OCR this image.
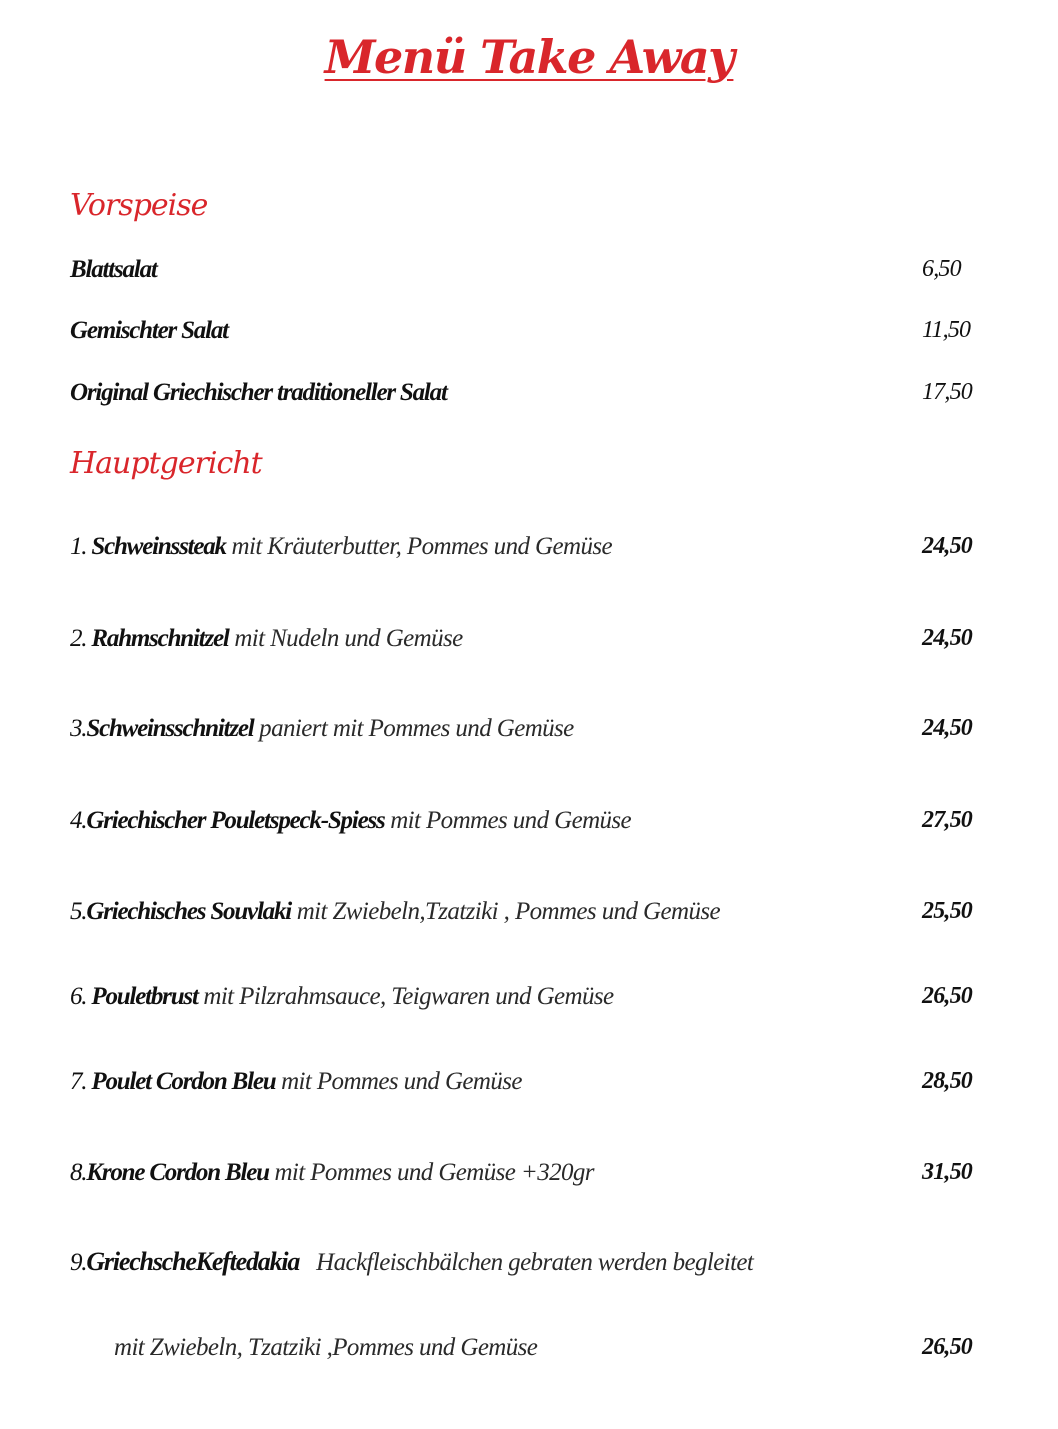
Menü Take Away
Vorspeise
Blattsalat	6,50
Gemischter Salat	11,50
Original Griechischer traditioneller Salat	17,50
Hauptgericht
1. Schweinssteak mit Kräuterbutter, Pommes und Gemüse	24,50
2. Rahmschnitzel mit Nudeln und Gemüse	24,50
3.Schweinsschnitzel paniert mit Pommes und Gemüse	24,50
4.Griechischer Pouletspeck-Spiess mit Pommes und Gemüse	27,50
5.Griechisches Souvlaki mit Zwiebeln,Tzatziki , Pommes und Gemüse	25,50
6. Pouletbrust mit Pilzrahmsauce, Teigwaren und Gemüse	26,50
7. Poulet Cordon Bleu mit Pommes und Gemüse	28,50
8.Krone Cordon Bleu mit Pommes und Gemüse +320gr	31,50
9.GriechscheKeftedakia Hackfleischbälchen gebraten werden begleitet
mit Zwiebeln, Tzatziki ,Pommes und Gemüse	26,50
